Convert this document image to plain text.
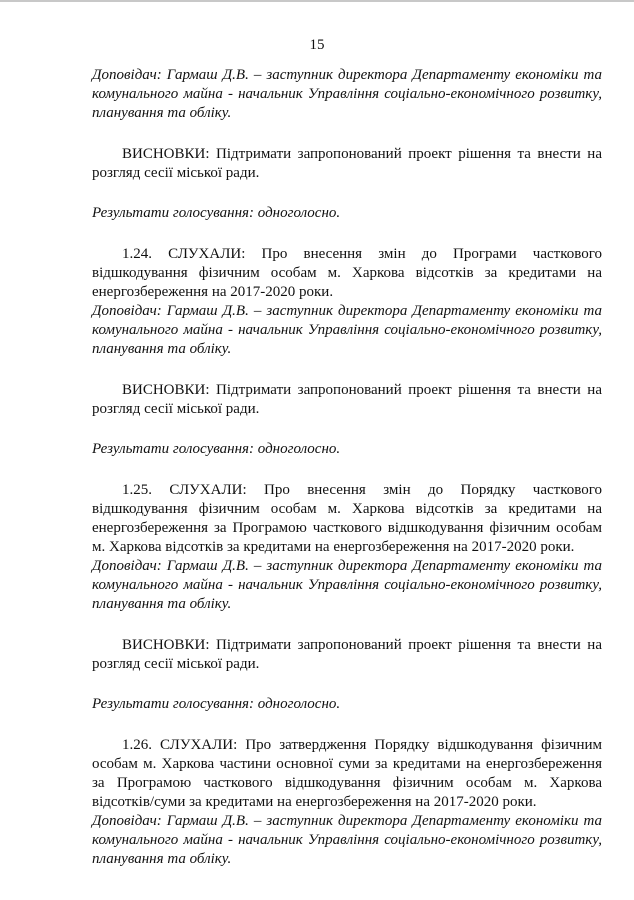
15

Доповідач: Гармаш Д.В. – заступник директора Департаменту економіки та комунального майна - начальник Управління соціально-економічного розвитку, планування та обліку.

ВИСНОВКИ: Підтримати запропонований проект рішення та внести на розгляд сесії міської ради.

Результати голосування: одноголосно.

1.24. СЛУХАЛИ: Про внесення змін до Програми часткового відшкодування фізичним особам м. Харкова відсотків за кредитами на енергозбереження на 2017-2020 роки.

Доповідач: Гармаш Д.В. – заступник директора Департаменту економіки та комунального майна - начальник Управління соціально-економічного розвитку, планування та обліку.

ВИСНОВКИ: Підтримати запропонований проект рішення та внести на розгляд сесії міської ради.

Результати голосування: одноголосно.

1.25. СЛУХАЛИ: Про внесення змін до Порядку часткового відшкодування фізичним особам м. Харкова відсотків за кредитами на енергозбереження за Програмою часткового відшкодування фізичним особам м. Харкова відсотків за кредитами на енергозбереження на 2017-2020 роки.

Доповідач: Гармаш Д.В. – заступник директора Департаменту економіки та комунального майна - начальник Управління соціально-економічного розвитку, планування та обліку.

ВИСНОВКИ: Підтримати запропонований проект рішення та внести на розгляд сесії міської ради.

Результати голосування: одноголосно.

1.26. СЛУХАЛИ: Про затвердження Порядку відшкодування фізичним особам м. Харкова частини основної суми за кредитами на енергозбереження за Програмою часткового відшкодування фізичним особам м. Харкова відсотків/суми за кредитами на енергозбереження на 2017-2020 роки.

Доповідач: Гармаш Д.В. – заступник директора Департаменту економіки та комунального майна - начальник Управління соціально-економічного розвитку, планування та обліку.
